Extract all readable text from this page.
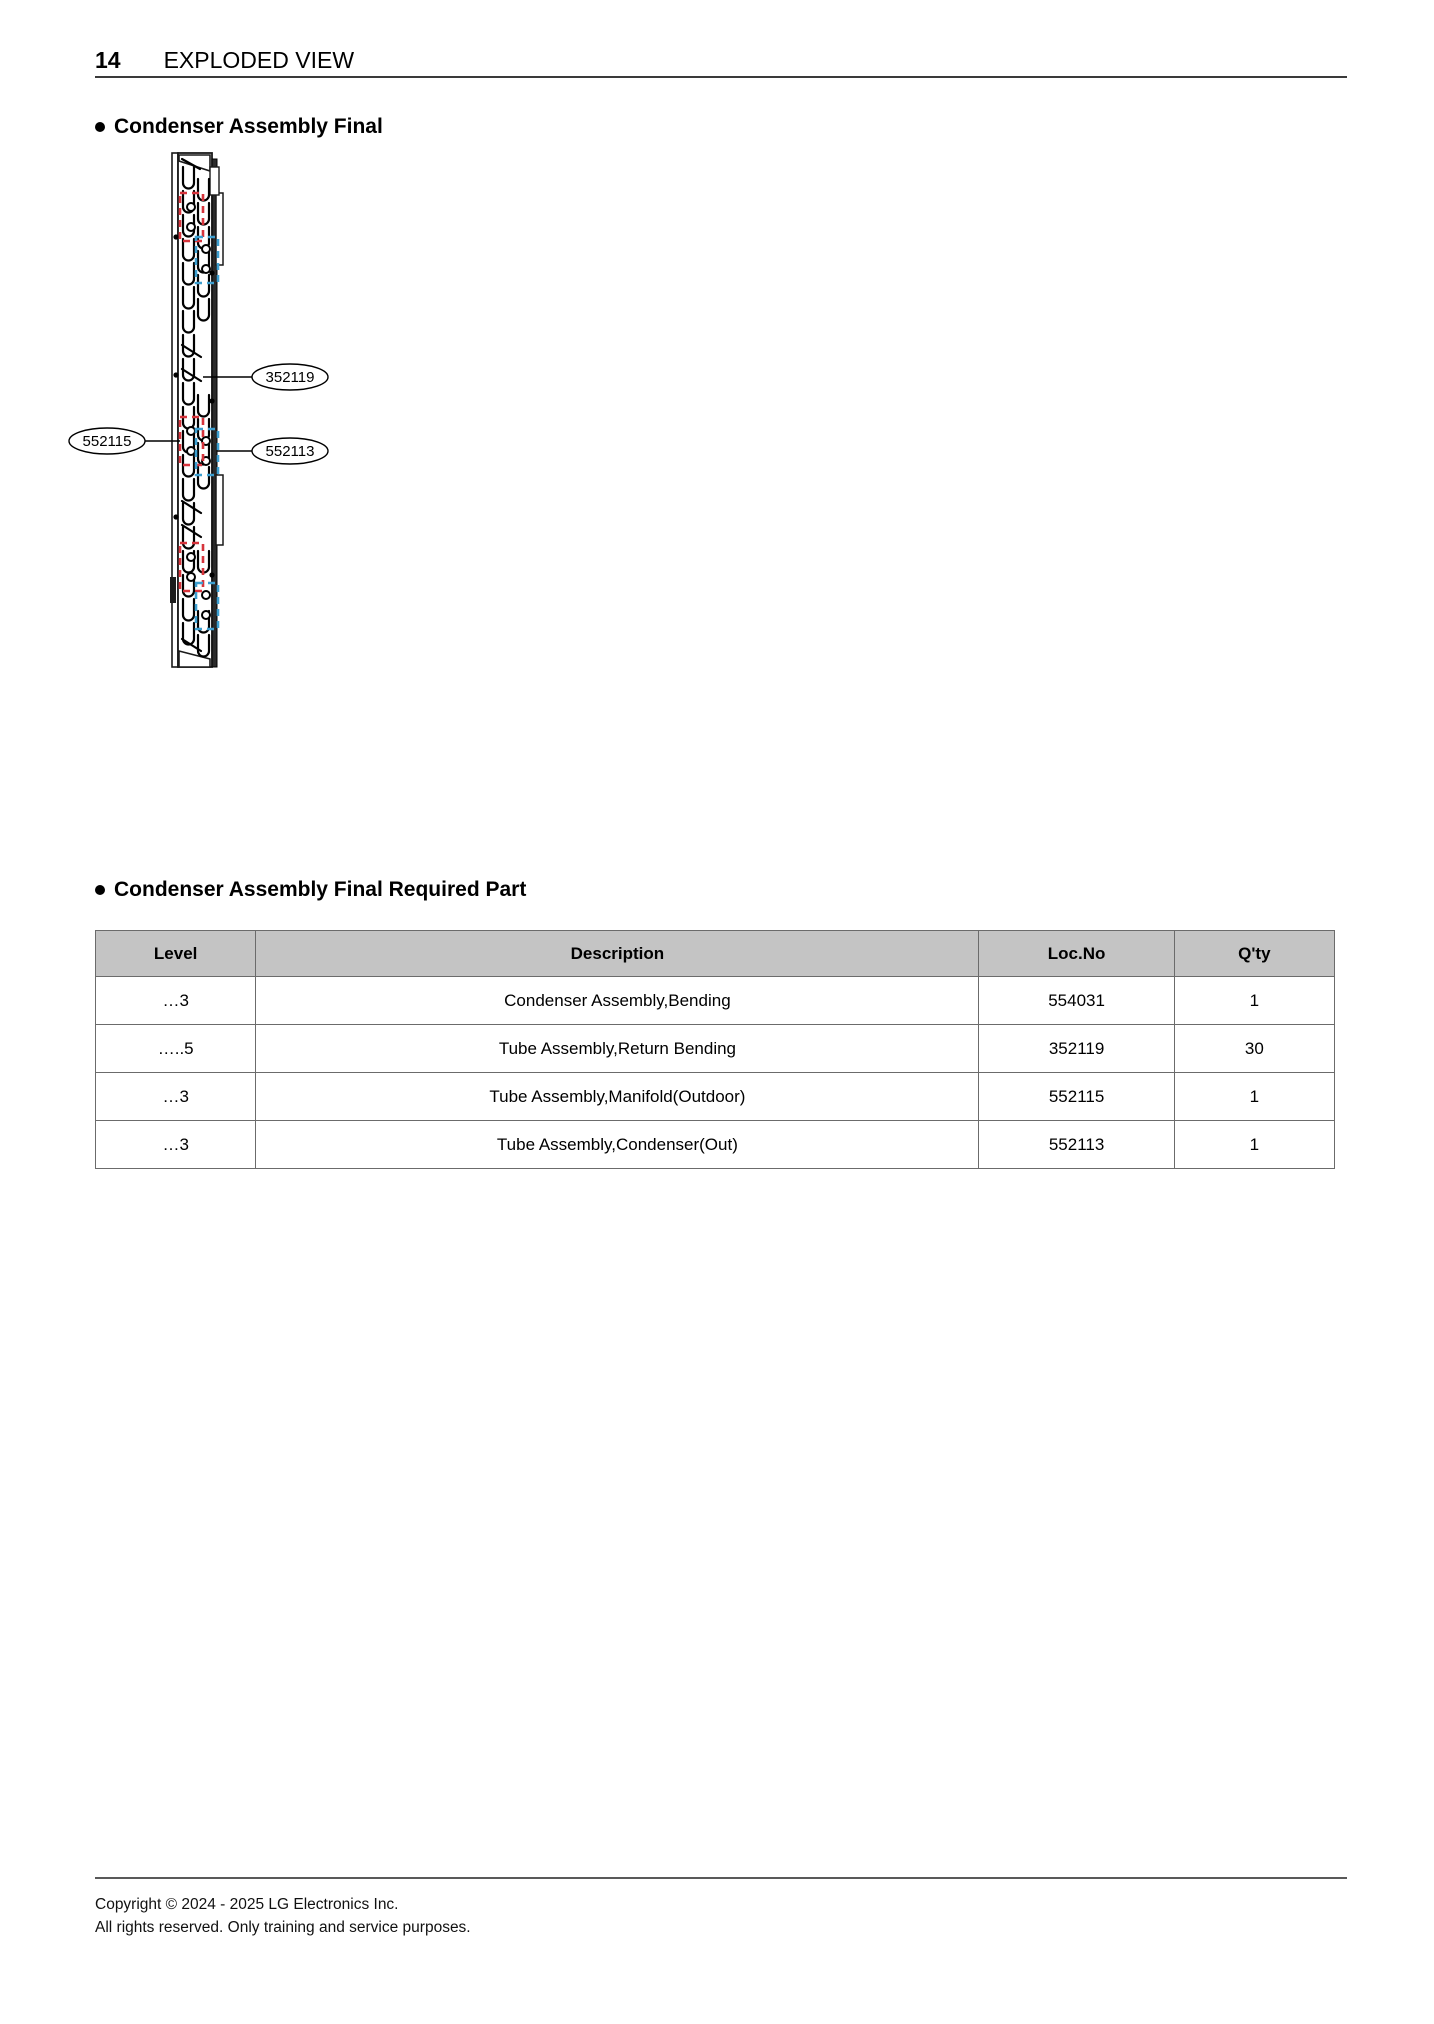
14 EXPLODED VIEW
Condenser Assembly Final
352119
552115
552113
Condenser Assembly Final Required Part
Level	Description	Loc.No	Q'ty
…3	Condenser Assembly,Bending	554031	1
…..5	Tube Assembly,Return Bending	352119	30
…3	Tube Assembly,Manifold(Outdoor)	552115	1
…3	Tube Assembly,Condenser(Out)	552113	1
Copyright © 2024 - 2025 LG Electronics Inc.
All rights reserved. Only training and service purposes.
